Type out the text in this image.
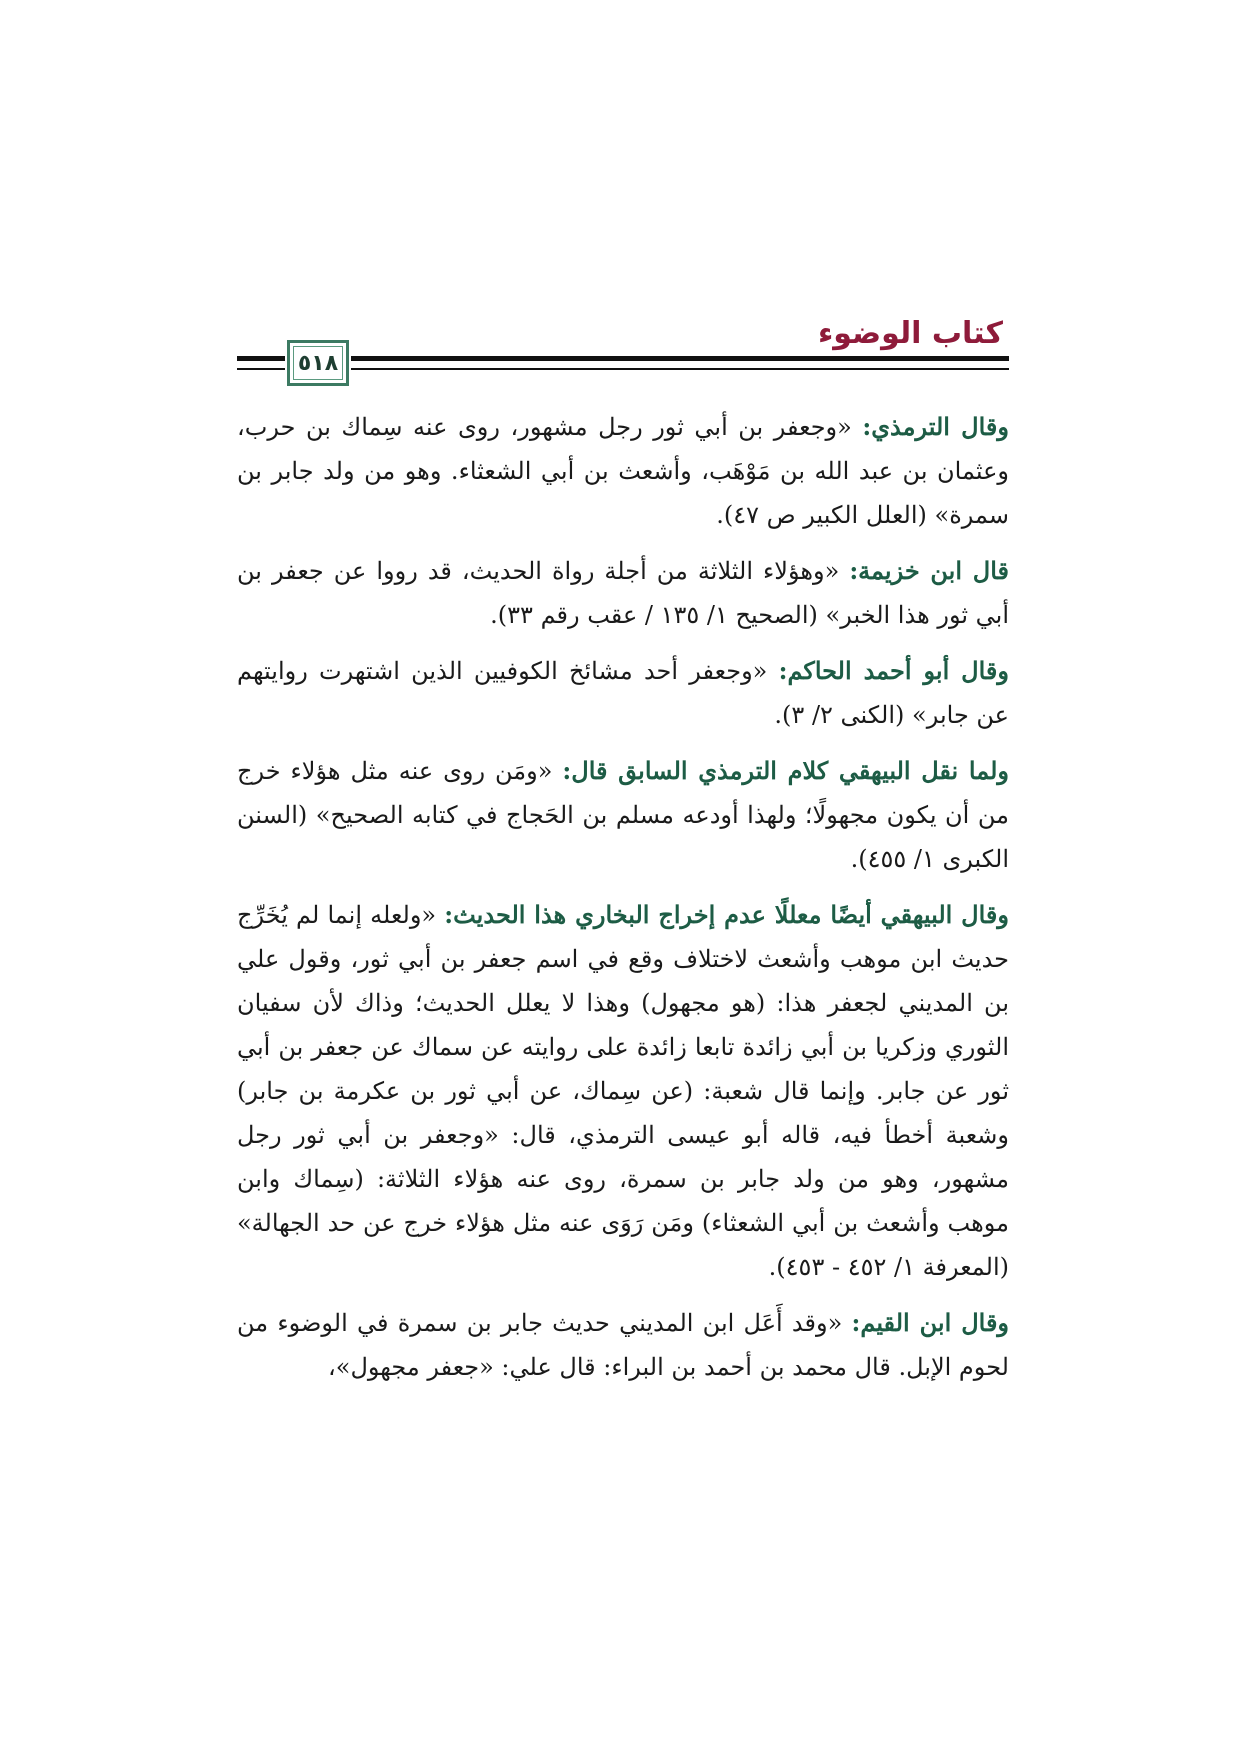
كتاب الوضوء
٥١٨

وقال الترمذي: «وجعفر بن أبي ثور رجل مشهور، روى عنه سِماك بن حرب، وعثمان بن عبد الله بن مَوْهَب، وأشعث بن أبي الشعثاء. وهو من ولد جابر بن سمرة» (العلل الكبير ص ٤٧).

قال ابن خزيمة: «وهؤلاء الثلاثة من أجلة رواة الحديث، قد رووا عن جعفر بن أبي ثور هذا الخبر» (الصحيح ١/ ١٣٥ / عقب رقم ٣٣).

وقال أبو أحمد الحاكم: «وجعفر أحد مشائخ الكوفيين الذين اشتهرت روايتهم عن جابر» (الكنى ٢/ ٣).

ولما نقل البيهقي كلام الترمذي السابق قال: «ومَن روى عنه مثل هؤلاء خرج من أن يكون مجهولًا؛ ولهذا أودعه مسلم بن الحَجاج في كتابه الصحيح» (السنن الكبرى ١/ ٤٥٥).

وقال البيهقي أيضًا معللًا عدم إخراج البخاري هذا الحديث: «ولعله إنما لم يُخَرِّج حديث ابن موهب وأشعث لاختلاف وقع في اسم جعفر بن أبي ثور، وقول علي بن المديني لجعفر هذا: (هو مجهول) وهذا لا يعلل الحديث؛ وذاك لأن سفيان الثوري وزكريا بن أبي زائدة تابعا زائدة على روايته عن سماك عن جعفر بن أبي ثور عن جابر. وإنما قال شعبة: (عن سِماك، عن أبي ثور بن عكرمة بن جابر) وشعبة أخطأ فيه، قاله أبو عيسى الترمذي، قال: «وجعفر بن أبي ثور رجل مشهور، وهو من ولد جابر بن سمرة، روى عنه هؤلاء الثلاثة: (سِماك وابن موهب وأشعث بن أبي الشعثاء) ومَن رَوَى عنه مثل هؤلاء خرج عن حد الجهالة» (المعرفة ١/ ٤٥٢ - ٤٥٣).

وقال ابن القيم: «وقد أَعَل ابن المديني حديث جابر بن سمرة في الوضوء من لحوم الإبل. قال محمد بن أحمد بن البراء: قال علي: «جعفر مجهول»،
